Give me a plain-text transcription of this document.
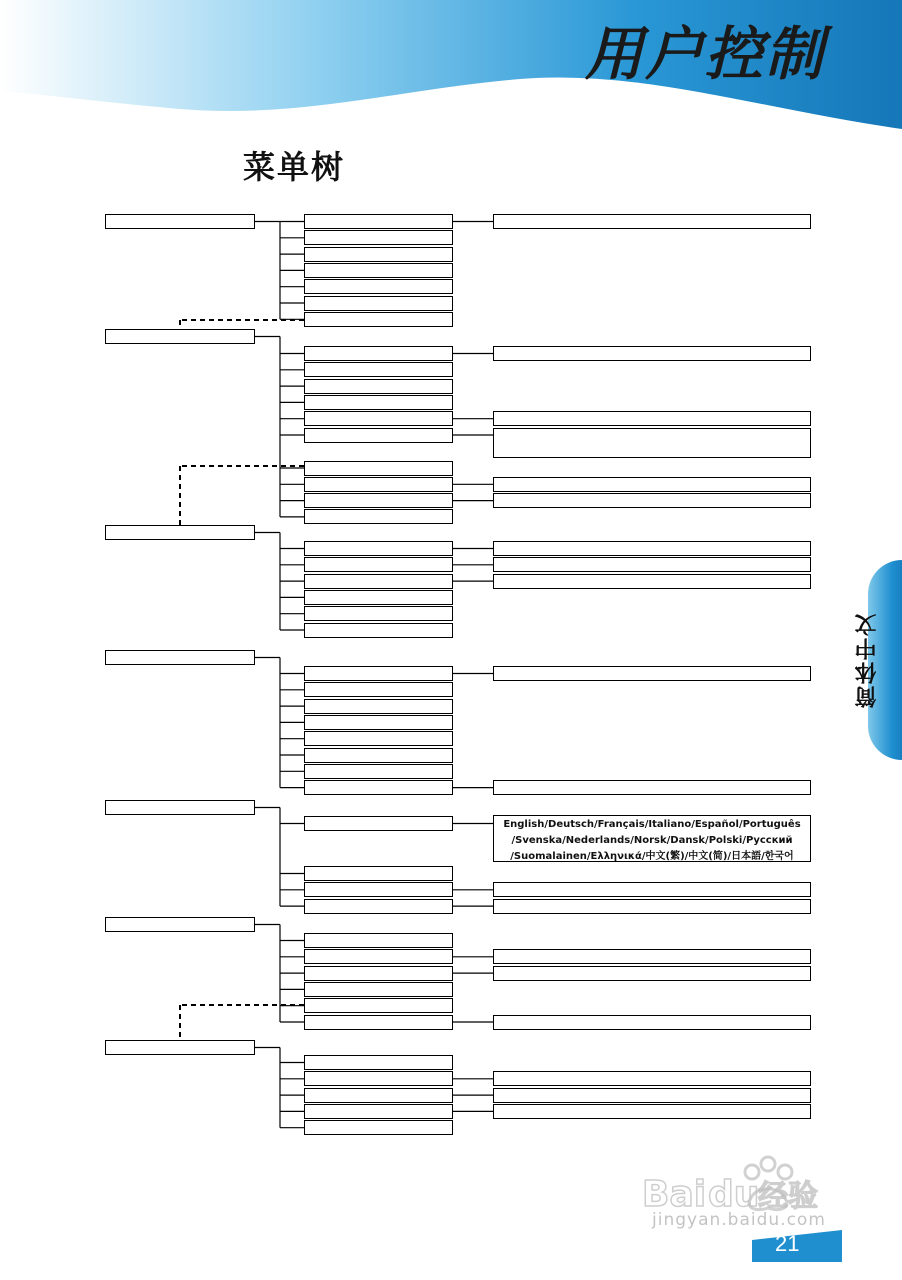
用户控制
菜单树
English/Deutsch/Français/Italiano/Español/Português
/Svenska/Nederlands/Norsk/Dansk/Polski/Русский
/Suomalainen/Ελληνικά/中文(繁)/中文(简)/日本語/한국어
简体中文
21
Bai du
经验
jingyan.baidu.com
